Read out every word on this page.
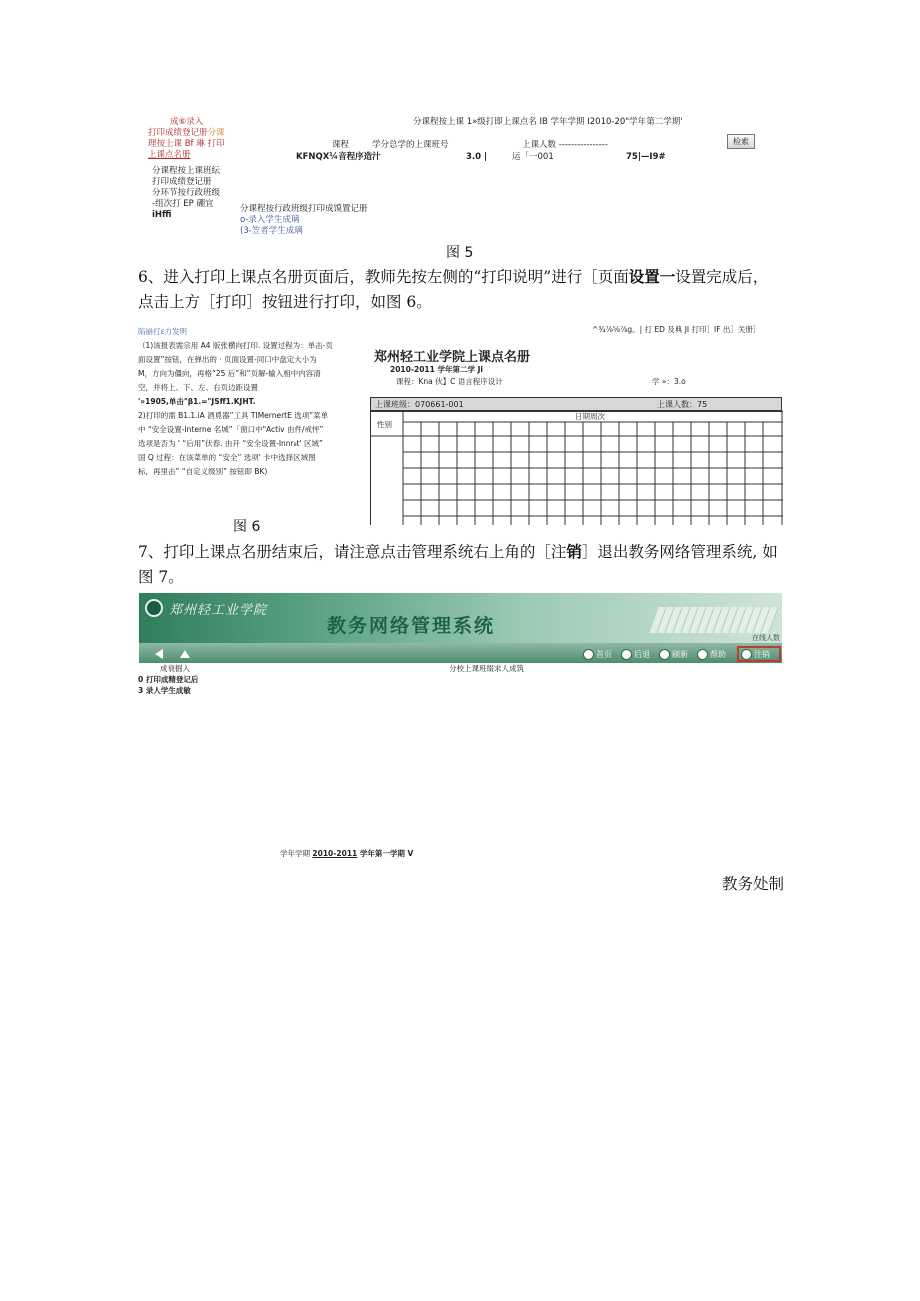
成⑥录入
打印成绩登记册分课
理按上课 Bf 琳 打印
上课点名册
分课程按上课班纭
打印成绩登记册
分环节按行政班级
-组次打 EP 硼宜
iHffi
分课程按上课 1»级打即上课点名 IB 学年学期 I2010-20"学年第二学期'
检索
课程	学分总学的上课班号	上课人数 ----------------
KFNQX¼音程序造汁	3.0 |	运「一001	75|—I9#
分课程按行政班级打印成馍置记册
o-录入学生成璃
(3-笠者学生成璃
图 5
6、进入打印上课点名册页面后，教师先按左侧的“打印说明”进行［页面设置一设置完成后，
点击上方［打印］按钮进行打印，如图 6。
陷崩打ε力发明
（1)该报表需宗用 A4 版张横向打印. 设置过程为：单击-页
面设置”按钮，在弹出的 · 页面设置-同口中盘定大小为
M，方向为僵向，再格“25 后”和“页解-输入相中内容清
空，并将上、下、左、右页边距设置
'»1905,单击"β1.="JSff1.KJHT.
2)打印的需 B1.1.iA 酒覓器”工具 TIMernertE 选项”菜单
中 “安全设置-Interne 名城”「窗口中"Activ 由件/戒怦”
选项是否为 ' “后用”伏春. 由开 “安全设置-Innr₈t' 区域”
国 Q 过程：在该菜单的 “安全” 选项' 卡中选择区域图
标，再里击” “自定义级別” 按钮即 BK)
^¾⁷⁄₈⁵⁄₈⁷⁄₈g。| 打 ED 及典 JI 打印］IF 出］关册］
郑州轻工业学院上课点名册
2010-2011 学年第二学 Ji
课程：Kna 伙】C 语言程序设计	学 »：3.o
上课班级：070661-001	上课人数：75
性别
日期周次
图 6
7、打印上课点名册结束后，请注意点击管理系统右上角的［注销］退出教务网络管理系统, 如
图 7。
郑州轻工业学院
教务网络管理系统
在线人数
首页	后退	刷新	帮助	注销
成衰掘入	分校上课班缀求人成筑
0 打印成精登记后
3 录人学生成敏
学年学期 2010-2011 学年第一学期 V
教务处制
